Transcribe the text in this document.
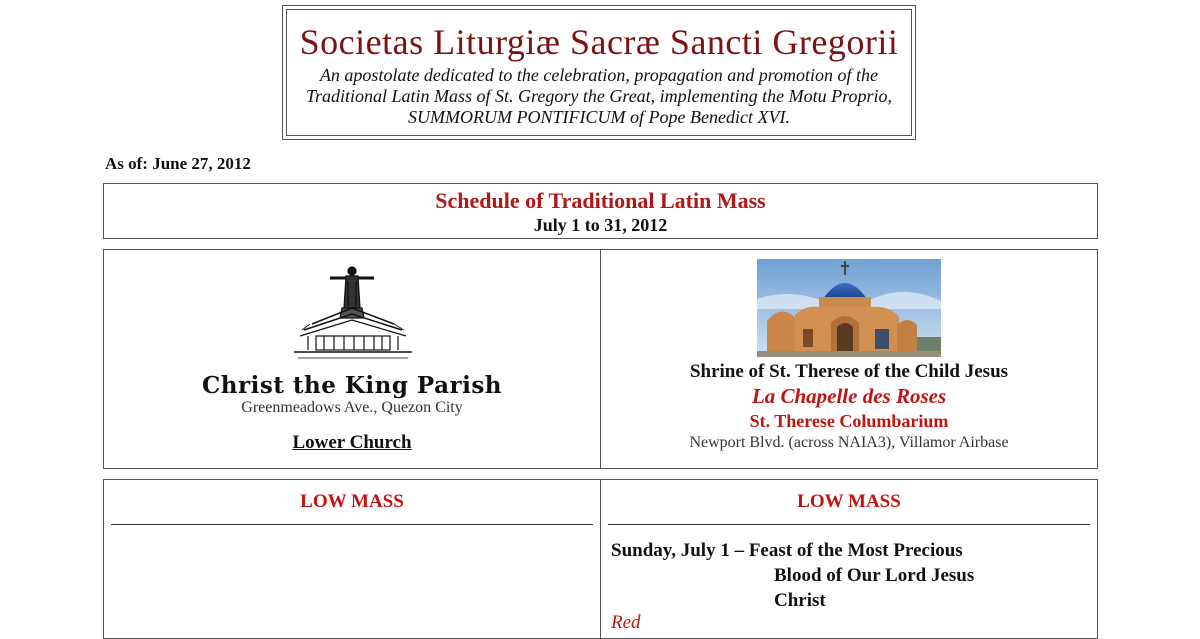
Societas Liturgiæ Sacræ Sancti Gregorii
An apostolate dedicated to the celebration, propagation and promotion of the Traditional Latin Mass of St. Gregory the Great, implementing the Motu Proprio, SUMMORUM PONTIFICUM of Pope Benedict XVI.
As of: June 27, 2012
Schedule of Traditional Latin Mass
July 1 to 31, 2012
Christ the King Parish
Greenmeadows Ave., Quezon City
Lower Church
Shrine of St. Therese of the Child Jesus
La Chapelle des Roses
St. Therese Columbarium
Newport Blvd. (across NAIA3), Villamor Airbase
LOW MASS	LOW MASS
Sunday, July 1 – Feast of the Most Precious
Blood of Our Lord Jesus
Christ
Red
